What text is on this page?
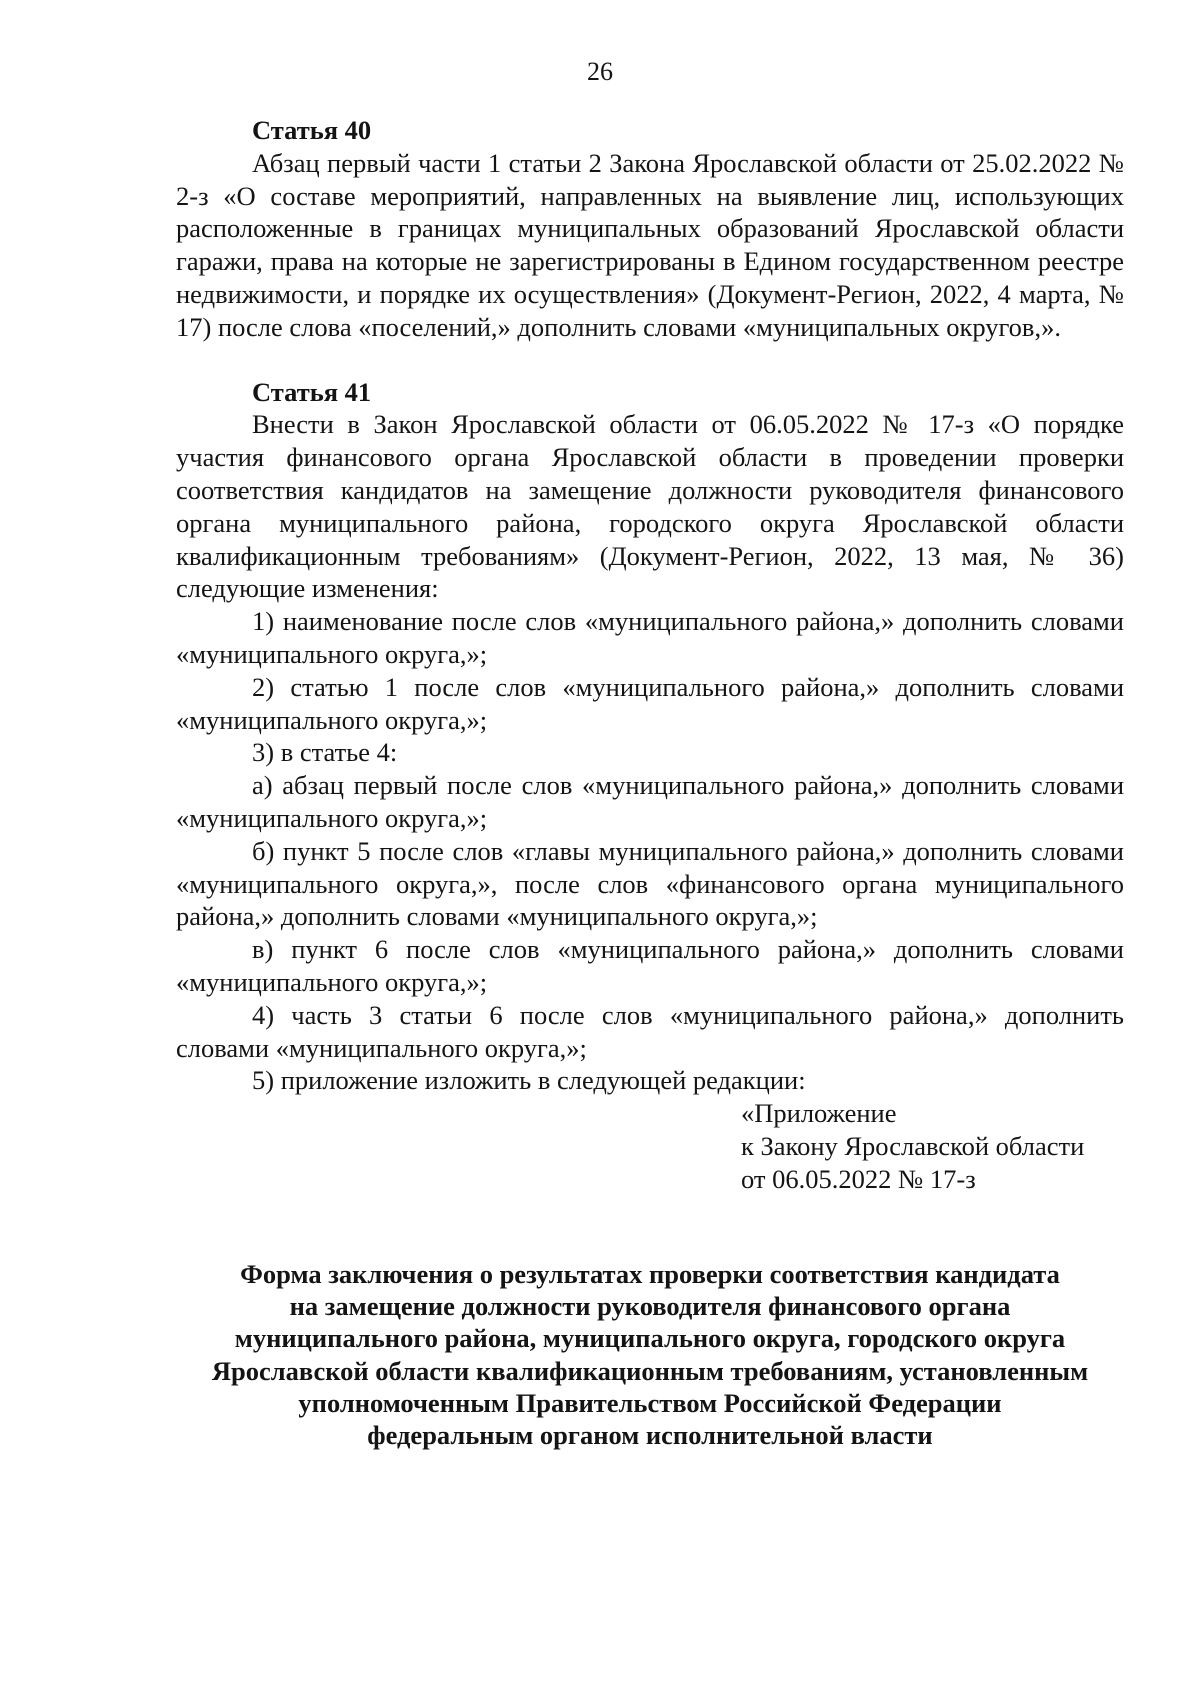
26

Статья 40

Абзац первый части 1 статьи 2 Закона Ярославской области от 25.02.2022 № 2-з «О составе мероприятий, направленных на выявление лиц, использующих расположенные в границах муниципальных образований Ярославской области гаражи, права на которые не зарегистрированы в Едином государственном реестре недвижимости, и порядке их осуществления» (Документ-Регион, 2022, 4 марта, № 17) после слова «поселений,» дополнить словами «муниципальных округов,».

Статья 41

Внести в Закон Ярославской области от 06.05.2022 № 17-з «О порядке участия финансового органа Ярославской области в проведении проверки соответствия кандидатов на замещение должности руководителя финансового органа муниципального района, городского округа Ярославской области квалификационным требованиям» (Документ-Регион, 2022, 13 мая, № 36) следующие изменения:

1) наименование после слов «муниципального района,» дополнить словами «муниципального округа,»;

2) статью 1 после слов «муниципального района,» дополнить словами «муниципального округа,»;

3) в статье 4:

а) абзац первый после слов «муниципального района,» дополнить словами «муниципального округа,»;

б) пункт 5 после слов «главы муниципального района,» дополнить словами «муниципального округа,», после слов «финансового органа муниципального района,» дополнить словами «муниципального округа,»;

в) пункт 6 после слов «муниципального района,» дополнить словами «муниципального округа,»;

4) часть 3 статьи 6 после слов «муниципального района,» дополнить словами «муниципального округа,»;

5) приложение изложить в следующей редакции:

«Приложение

к Закону Ярославской области

от 06.05.2022 № 17-з

Форма заключения о результатах проверки соответствия кандидата
на замещение должности руководителя финансового органа
муниципального района, муниципального округа, городского округа
Ярославской области квалификационным требованиям, установленным
уполномоченным Правительством Российской Федерации
федеральным органом исполнительной власти
